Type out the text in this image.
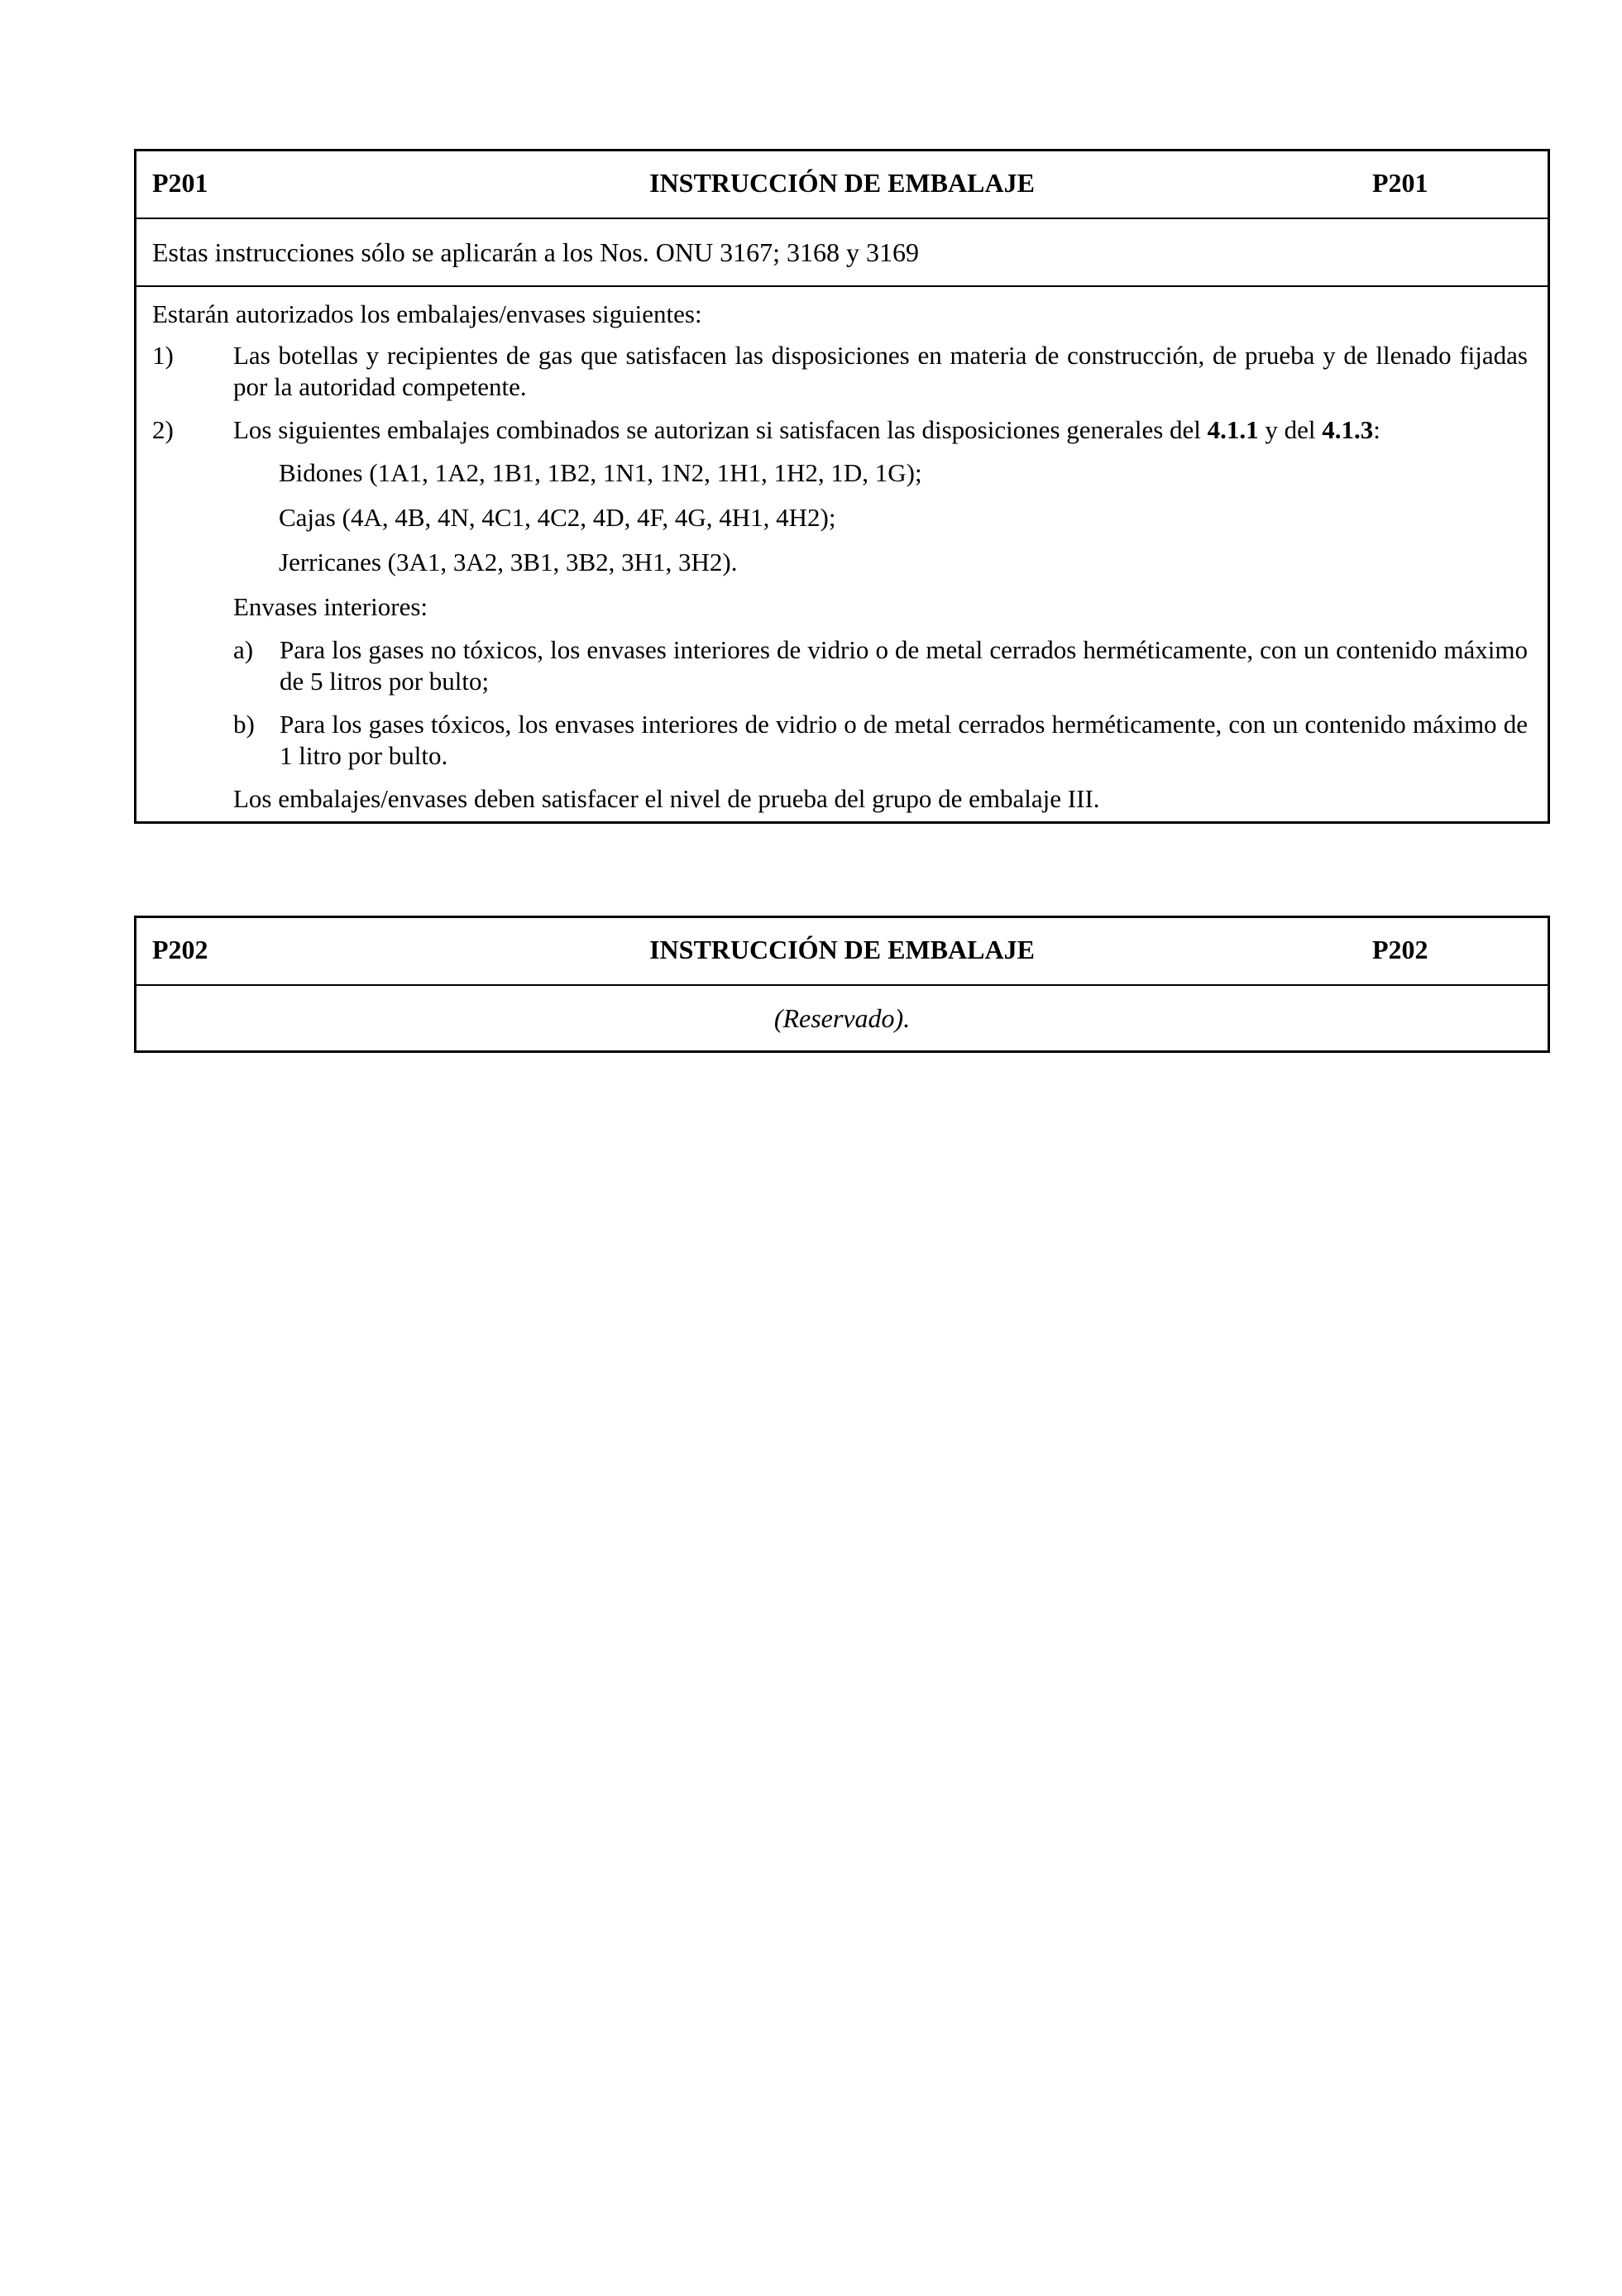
P201	INSTRUCCIÓN DE EMBALAJE	P201
Estas instrucciones sólo se aplicarán a los Nos. ONU 3167; 3168 y 3169

Estarán autorizados los embalajes/envases siguientes:

1)	Las botellas y recipientes de gas que satisfacen las disposiciones en materia de construcción, de prueba y de llenado fijadas por la autoridad competente.
2)	Los siguientes embalajes combinados se autorizan si satisfacen las disposiciones generales del 4.1.1 y del 4.1.3:

Bidones (1A1, 1A2, 1B1, 1B2, 1N1, 1N2, 1H1, 1H2, 1D, 1G);

Cajas (4A, 4B, 4N, 4C1, 4C2, 4D, 4F, 4G, 4H1, 4H2);

Jerricanes (3A1, 3A2, 3B1, 3B2, 3H1, 3H2).

Envases interiores:

a)	Para los gases no tóxicos, los envases interiores de vidrio o de metal cerrados herméticamente, con un contenido máximo de 5 litros por bulto;
b) Para los gases tóxicos, los envases interiores de vidrio o de metal cerrados herméticamente, con un contenido máximo de 1 litro por bulto.

Los embalajes/envases deben satisfacer el nivel de prueba del grupo de embalaje III.

P202	INSTRUCCIÓN DE EMBALAJE	P202
(Reservado).
